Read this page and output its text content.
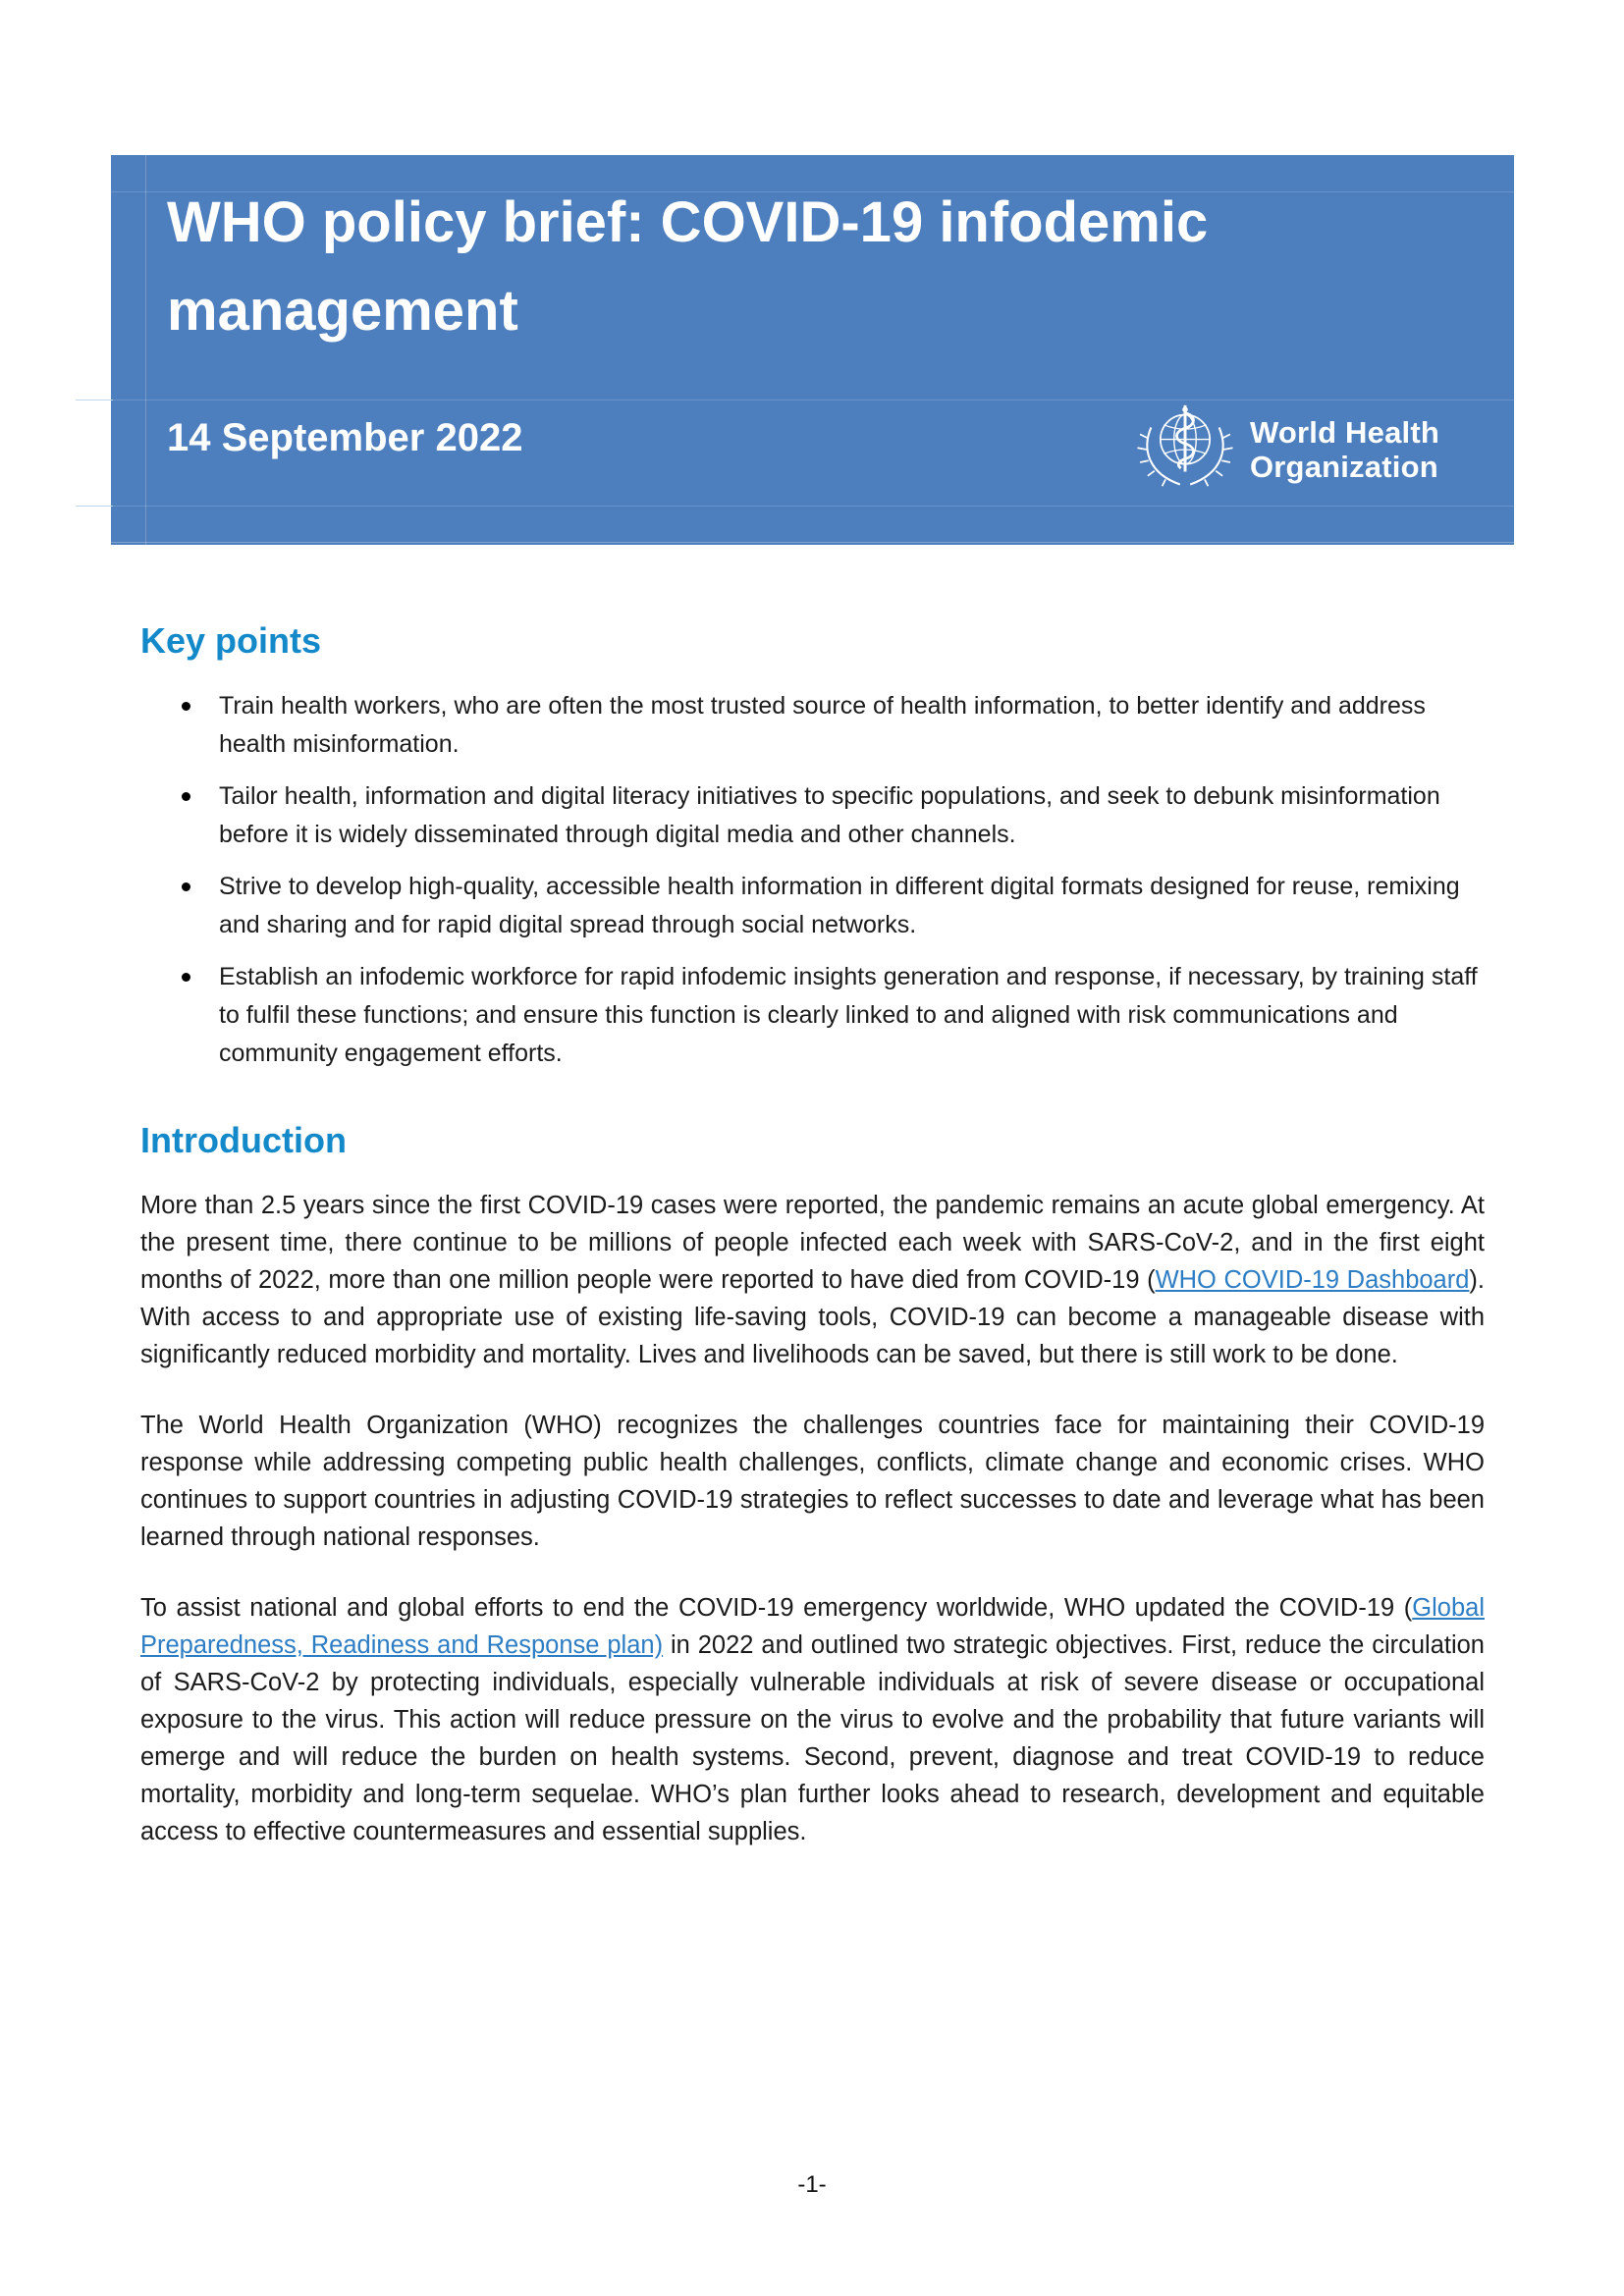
WHO policy brief: COVID-19 infodemic management
14 September 2022	World Health
Organization
Key points
Train health workers, who are often the most trusted source of health information, to better identify and address health misinformation.
Tailor health, information and digital literacy initiatives to specific populations, and seek to debunk misinformation before it is widely disseminated through digital media and other channels.
Strive to develop high-quality, accessible health information in different digital formats designed for reuse, remixing and sharing and for rapid digital spread through social networks.
Establish an infodemic workforce for rapid infodemic insights generation and response, if necessary, by training staff to fulfil these functions; and ensure this function is clearly linked to and aligned with risk communications and community engagement efforts.
Introduction

More than 2.5 years since the first COVID-19 cases were reported, the pandemic remains an acute global emergency. At the present time, there continue to be millions of people infected each week with SARS-CoV-2, and in the first eight months of 2022, more than one million people were reported to have died from COVID-19 (WHO COVID-19 Dashboard). With access to and appropriate use of existing life-saving tools, COVID-19 can become a manageable disease with significantly reduced morbidity and mortality. Lives and livelihoods can be saved, but there is still work to be done.

The World Health Organization (WHO) recognizes the challenges countries face for maintaining their COVID-19 response while addressing competing public health challenges, conflicts, climate change and economic crises. WHO continues to support countries in adjusting COVID-19 strategies to reflect successes to date and leverage what has been learned through national responses.

To assist national and global efforts to end the COVID-19 emergency worldwide, WHO updated the COVID-19 (Global Preparedness, Readiness and Response plan) in 2022 and outlined two strategic objectives. First, reduce the circulation of SARS-CoV-2 by protecting individuals, especially vulnerable individuals at risk of severe disease or occupational exposure to the virus. This action will reduce pressure on the virus to evolve and the probability that future variants will emerge and will reduce the burden on health systems. Second, prevent, diagnose and treat COVID-19 to reduce mortality, morbidity and long-term sequelae. WHO’s plan further looks ahead to research, development and equitable access to effective countermeasures and essential supplies.

-1-
